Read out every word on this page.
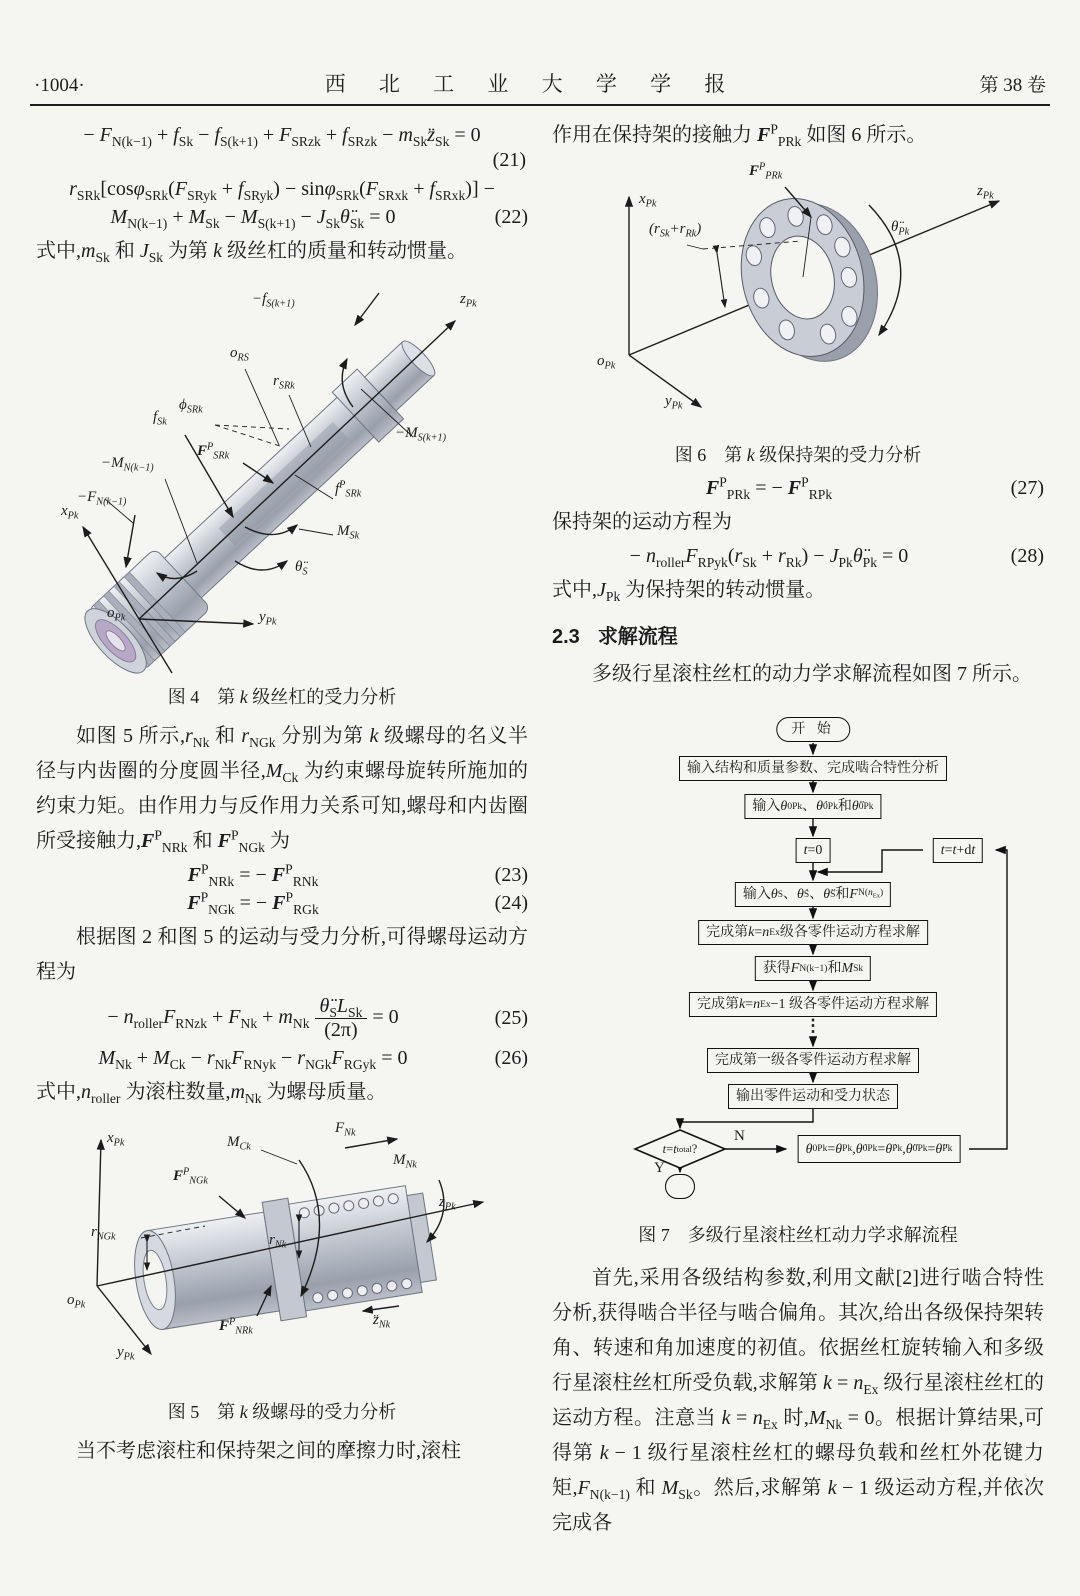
·1004·	西 北 工 业 大 学 学 报	第 38 卷
− $F_{N(k-1)} + f_{Sk} - f_{S(k+1)} + F_{SRzk} + f_{SRzk}$ − $m_{Sk}z̈_{Sk} = 0$
(21)
$r_{SRk}[\cos\varphi_{SRk}(F_{SRyk} + f_{SRyk}) - \sin\varphi_{SRk}(F_{SRxk} + f_{SRxk})]$ −
$M_{N(k-1)} + M_{Sk} - M_{S(k+1)}$ − $J_{Sk}\thetä_{Sk} = 0$	(22)

式中$,m_{Sk}$ 和 $J_{Sk}$ 为第 k 级丝杠的质量和转动惯量。

$-f_{S(k+1)}$	$z_{Pk}$
$o_{RS}$
$r_{SRk}$
$\phi_{SRk}$
$f_{Sk}$
$F^P_{SRk}$
$-M_{N(k-1)}$
$-F_{N(k-1)}$
$x_{Pk}$
$f^P_{SRk}$
$M_{Sk}$
$\thetä_S$
$-M_{S(k+1)}$
$o_{Pk}$	$y_{Pk}$
图 4　第 k 级丝杠的受力分析

如图 5 所示$,r_{Nk}$ 和 $r_{NGk}$ 分别为第 k 级螺母的名义半径与内齿圈的分度圆半径$,M_{Ck}$ 为约束螺母旋转所施加的约束力矩。由作用力与反作用力关系可知,螺母和内齿圈所受接触力$,F^P_{NRk}$ 和 $F^P_{NGk}$ 为

$F^P_{NRk}$ = − $F^P_{RNk}$	(23)
$F^P_{NGk}$ = − $F^P_{RGk}$	(24)

根据图 2 和图 5 的运动与受力分析,可得螺母运动方程为

− $n_{roller}F_{RNzk} + F_{Nk} + m_{Nk} \frac{\thetä_SL_{Sk}}{(2\pi)} = 0$	(25)
$M_{Nk} + M_{Ck} - r_{Nk}F_{RNyk} - r_{NGk}F_{RGyk} = 0$	(26)

式中$,n_{roller}$ 为滚柱数量$,m_{Nk}$ 为螺母质量。

$x_{Pk}$	$M_{Ck}$
$F_{Nk}$
$M_{Nk}$
$F^P_{NGk}$
$r_{NGk}$	$r_{Nk}$
$z_{Pk}$
$o_{Pk}$
$y_{Pk}$
$F^P_{NRk}$
$z̈_{Nk}$
图 5　第 k 级螺母的受力分析

当不考虑滚柱和保持架之间的摩擦力时,滚柱

作用在保持架的接触力 $F^P_{PRk}$ 如图 6 所示。

$F^P_{PRk}$
$x_{Pk}$
$(r_{Sk}+r_{Rk})$
$z_{Pk}$
$\thetä_{Pk}$
$o_{Pk}$
$y_{Pk}$
图 6　第 k 级保持架的受力分析
$F^P_{PRk}$ = − $F^P_{RPk}$	(27)

保持架的运动方程为

− $n_{roller}F_{RPyk}(r_{Sk} + r_{Rk})$ − $J_{Pk}\thetä_{Pk} = 0$	(28)

式中$,J_{Pk}$ 为保持架的转动惯量。

2.3 求解流程

多级行星滚柱丝杠的动力学求解流程如图 7 所示。

开 始
输入结构和质量参数、完成啮合特性分析
输入 θ 0 Pk 、 θ̇ 0 Pk 和 θ̈ 0 Pk
t =0	t = t +d t
输入 θ S 、 θ̇ S 、 θ̈ S 和 F $N(n_{Ex})$
完成第 k = n Ex 级各零件运动方程求解
获得 F N(k−1) 和 M Sk
完成第 k = n Ex −1 级各零件运动方程求解
⋮
完成第一级各零件运动方程求解
输出零件运动和受力状态
t = t total ?	θ 0 Pk = θ Pk , θ̇ 0 Pk = θ̇ Pk , θ̈ 0 Pk = θ̈ Pk
N
Y
图 7　多级行星滚柱丝杠动力学求解流程

首先,采用各级结构参数,利用文献[2]进行啮合特性分析,获得啮合半径与啮合偏角。其次,给出各级保持架转角、转速和角加速度的初值。依据丝杠旋转输入和多级行星滚柱丝杠所受负载,求解第 $k = n_{Ex}$ 级行星滚柱丝杠的运动方程。注意当 $k = n_{Ex}$ 时$,M_{Nk} = 0$。根据计算结果,可得第 k − 1 级行星滚柱丝杠的螺母负载和丝杠外花键力矩$,F_{N(k-1)}$ 和 $M_{Sk}$。然后,求解第 k − 1 级运动方程,并依次完成各
